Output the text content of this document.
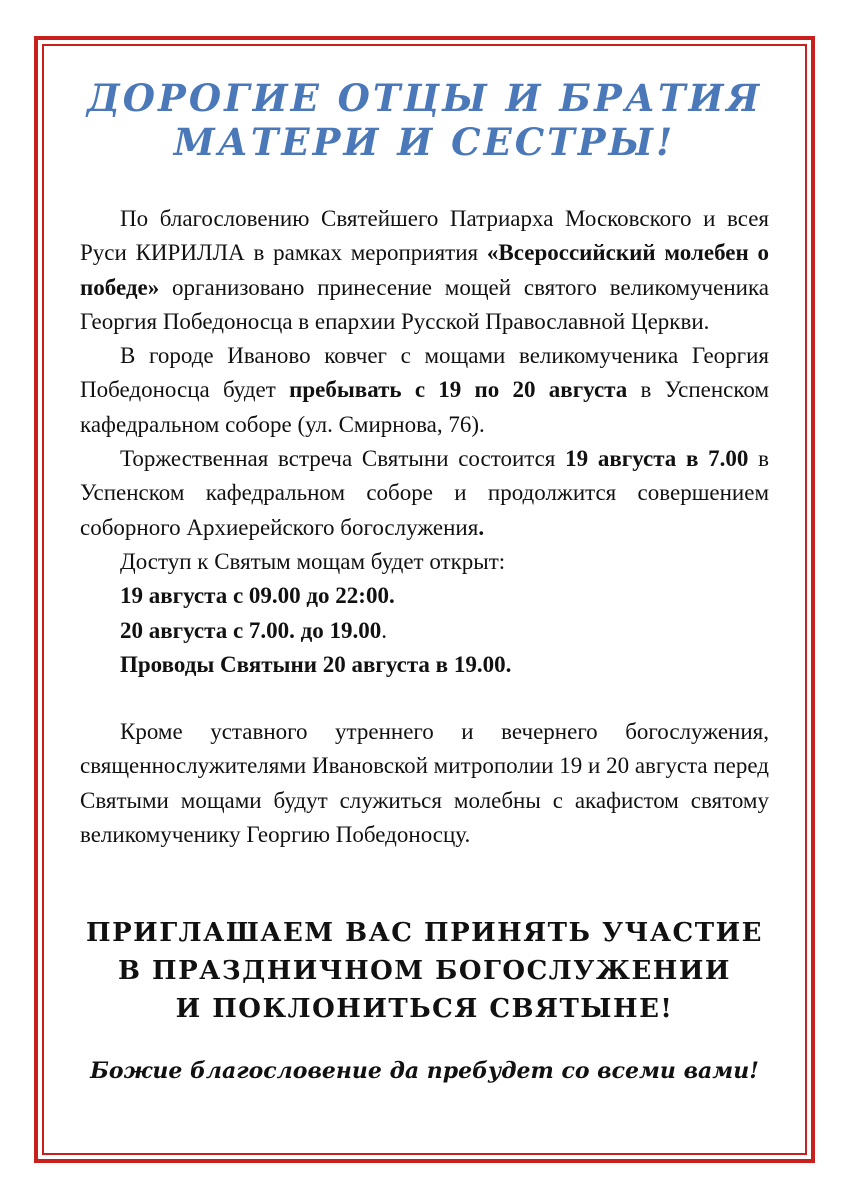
ДОРОГИЕ ОТЦЫ И БРАТИЯ
МАТЕРИ И СЕСТРЫ!

По благословению Святейшего Патриарха Московского и всея Руси КИРИЛЛА в рамках мероприятия «Всероссийский молебен о победе» организовано принесение мощей святого великомученика Георгия Победоносца в епархии Русской Православной Церкви.

В городе Иваново ковчег с мощами великомученика Георгия Победоносца будет пребывать с 19 по 20 августа в Успенском кафедральном соборе (ул. Смирнова, 76).

Торжественная встреча Святыни состоится 19 августа в 7.00 в Успенском кафедральном соборе и продолжится совершением соборного Архиерейского богослужения.

Доступ к Святым мощам будет открыт:

19 августа с 09.00 до 22:00.

20 августа с 7.00. до 19.00.

Проводы Святыни 20 августа в 19.00.

Кроме уставного утреннего и вечернего богослужения, священнослужителями Ивановской митрополии 19 и 20 августа перед Святыми мощами будут служиться молебны с акафистом святому великомученику Георгию Победоносцу.

ПРИГЛАШАЕМ ВАС ПРИНЯТЬ УЧАСТИЕ
В ПРАЗДНИЧНОМ БОГОСЛУЖЕНИИ
И ПОКЛОНИТЬСЯ СВЯТЫНЕ!

Божие благословение да пребудет со всеми вами!
